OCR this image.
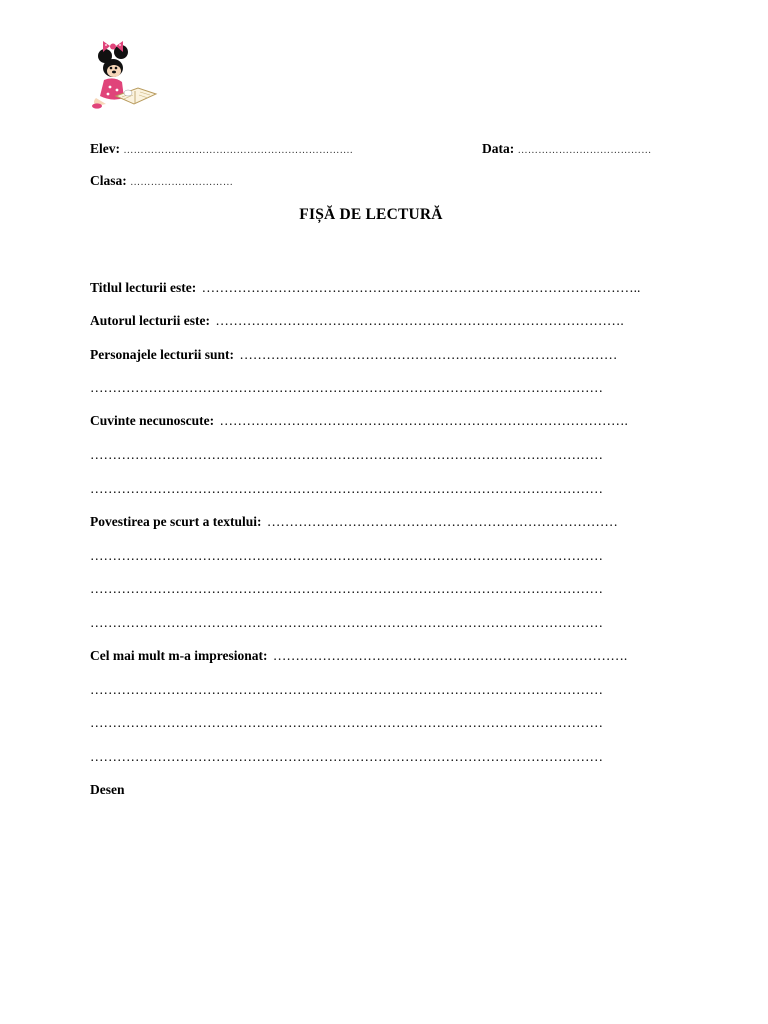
Elev: ………………………………………………………….	Data: …………………………………
Clasa: …………………………
FIȘĂ DE LECTURĂ
Titlul lecturii este: ……………………………………………………………………………………..
Autorul lecturii este: ……………………………………………………………………………….
Personajele lecturii sunt: …………………………………………………………………………
……………………………………………………………………………………………………
Cuvinte necunoscute: ……………………………………………………………………………….
……………………………………………………………………………………………………
……………………………………………………………………………………………………
Povestirea pe scurt a textului: ……………………………………………………………………
……………………………………………………………………………………………………
……………………………………………………………………………………………………
……………………………………………………………………………………………………
Cel mai mult m-a impresionat: …………………………………………………………………….
……………………………………………………………………………………………………
……………………………………………………………………………………………………
……………………………………………………………………………………………………
Desen
